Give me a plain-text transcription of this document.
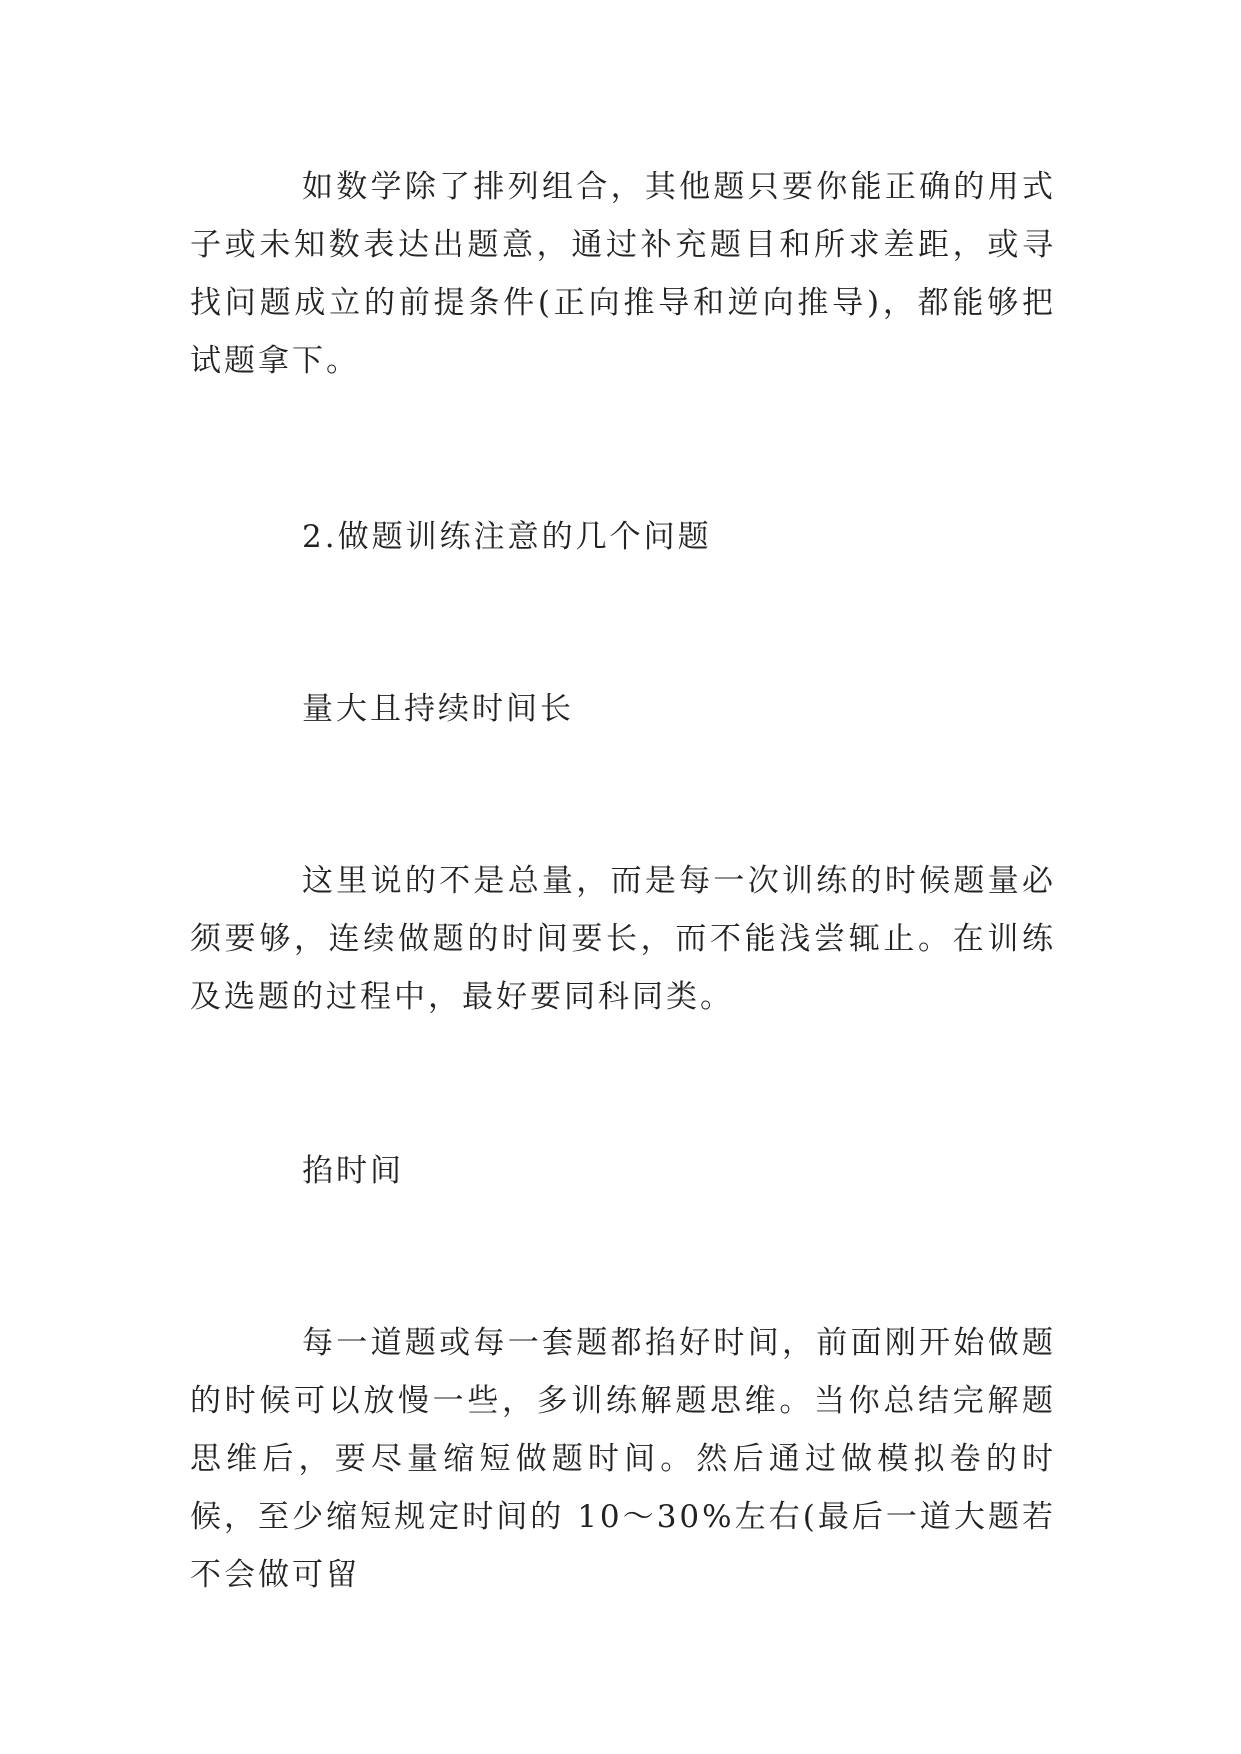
如数学除了排列组合，其他题只要你能正确的用式子或未知数表达出题意，通过补充题目和所求差距，或寻找问题成立的前提条件(正向推导和逆向推导)，都能够把试题拿下。

2.做题训练注意的几个问题

量大且持续时间长

这里说的不是总量，而是每一次训练的时候题量必须要够，连续做题的时间要长，而不能浅尝辄止。在训练及选题的过程中，最好要同科同类。

掐时间

每一道题或每一套题都掐好时间，前面刚开始做题的时候可以放慢一些，多训练解题思维。当你总结完解题思维后，要尽量缩短做题时间。然后通过做模拟卷的时候，至少缩短规定时间的 10～30%左右(最后一道大题若不会做可留
